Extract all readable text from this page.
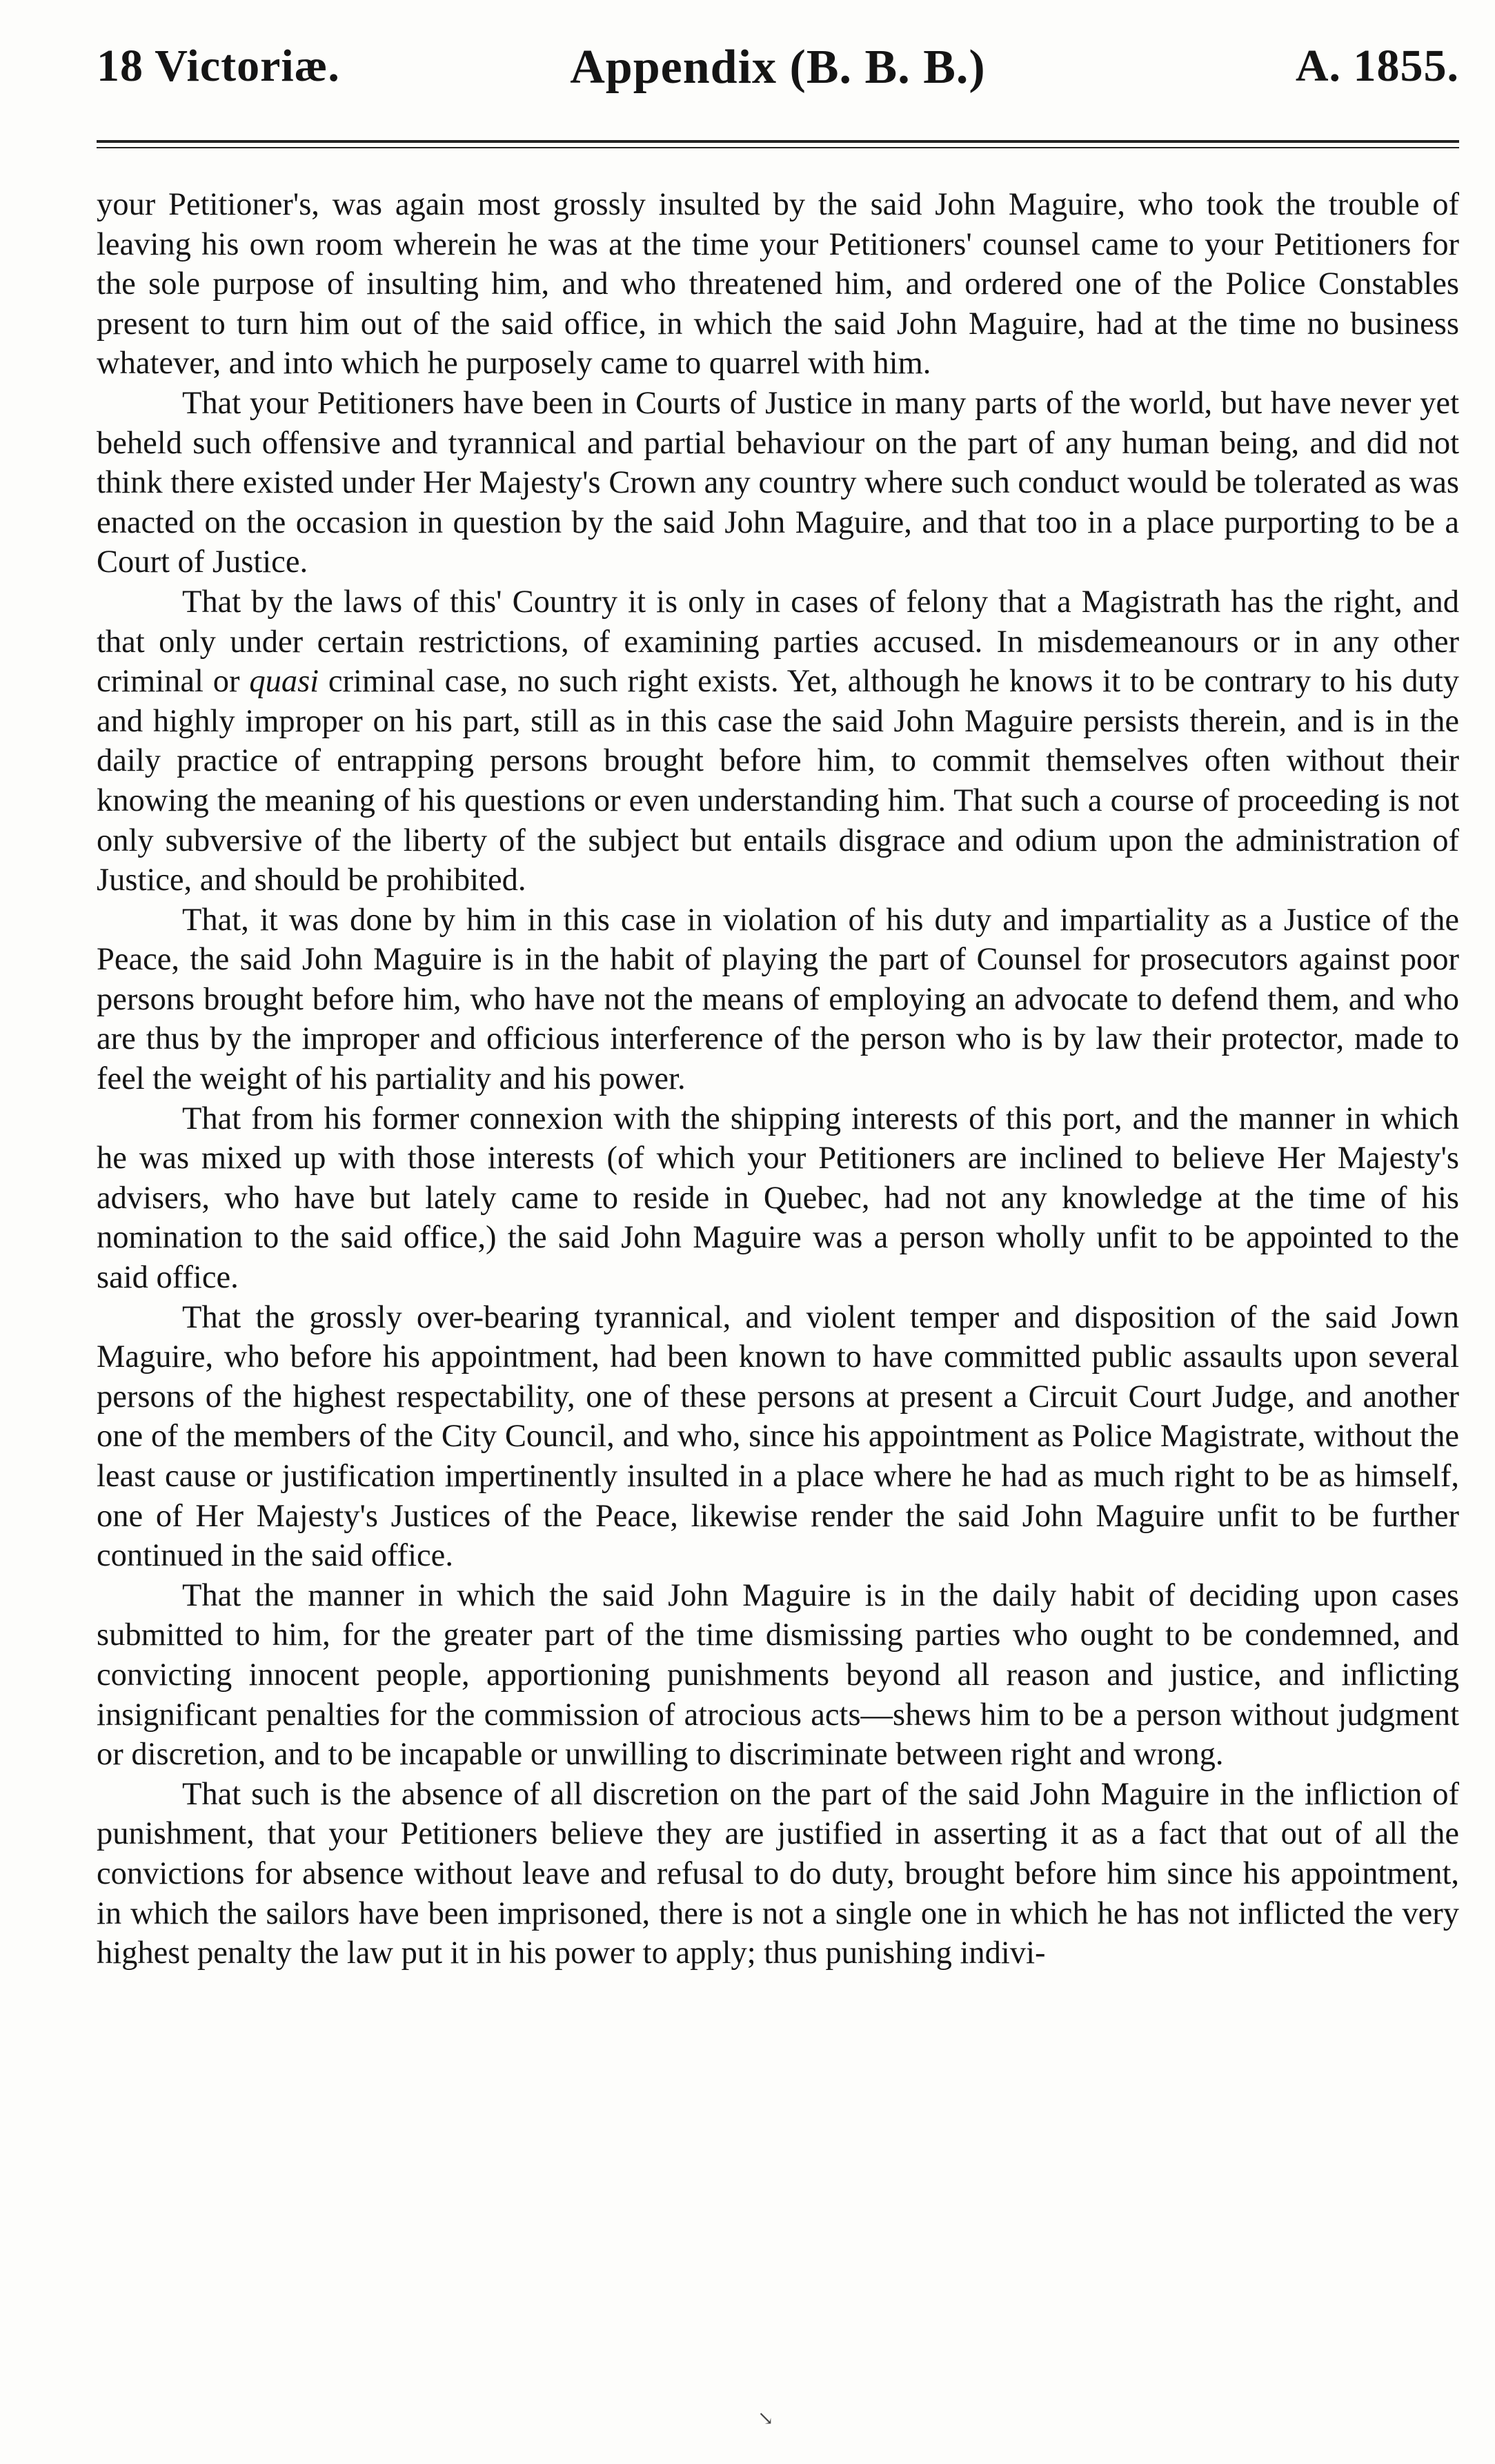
18 Victoriæ.	Appendix (B. B. B.)	A. 1855.

your Petitioner's, was again most grossly insulted by the said John Maguire, who took the trouble of leaving his own room wherein he was at the time your Petitioners' counsel came to your Petitioners for the sole purpose of insulting him, and who threatened him, and ordered one of the Police Constables present to turn him out of the said office, in which the said John Maguire, had at the time no business whatever, and into which he purposely came to quarrel with him.

That your Petitioners have been in Courts of Justice in many parts of the world, but have never yet beheld such offensive and tyrannical and partial behaviour on the part of any human being, and did not think there existed under Her Majesty's Crown any country where such conduct would be tolerated as was enacted on the occasion in question by the said John Maguire, and that too in a place purporting to be a Court of Justice.

That by the laws of this' Country it is only in cases of felony that a Magistrath has the right, and that only under certain restrictions, of examining parties accused. In misdemeanours or in any other criminal or quasi criminal case, no such right exists. Yet, although he knows it to be contrary to his duty and highly improper on his part, still as in this case the said John Maguire persists therein, and is in the daily practice of entrapping persons brought before him, to commit themselves often without their knowing the meaning of his questions or even understanding him. That such a course of proceeding is not only subversive of the liberty of the subject but entails disgrace and odium upon the administration of Justice, and should be prohibited.

That, it was done by him in this case in violation of his duty and impartiality as a Justice of the Peace, the said John Maguire is in the habit of playing the part of Counsel for prosecutors against poor persons brought before him, who have not the means of employing an advocate to defend them, and who are thus by the improper and officious interference of the person who is by law their protector, made to feel the weight of his partiality and his power.

That from his former connexion with the shipping interests of this port, and the manner in which he was mixed up with those interests (of which your Petitioners are inclined to believe Her Majesty's advisers, who have but lately came to reside in Quebec, had not any knowledge at the time of his nomination to the said office,) the said John Maguire was a person wholly unfit to be appointed to the said office.

That the grossly over-bearing tyrannical, and violent temper and disposition of the said Jown Maguire, who before his appointment, had been known to have committed public assaults upon several persons of the highest respectability, one of these persons at present a Circuit Court Judge, and another one of the members of the City Council, and who, since his appointment as Police Magistrate, without the least cause or justification impertinently insulted in a place where he had as much right to be as himself, one of Her Majesty's Justices of the Peace, likewise render the said John Maguire unfit to be further continued in the said office.

That the manner in which the said John Maguire is in the daily habit of deciding upon cases submitted to him, for the greater part of the time dismissing parties who ought to be condemned, and convicting innocent people, apportioning punishments beyond all reason and justice, and inflicting insignificant penalties for the commission of atrocious acts—shews him to be a person without judgment or discretion, and to be incapable or unwilling to discriminate between right and wrong.

That such is the absence of all discretion on the part of the said John Maguire in the infliction of punishment, that your Petitioners believe they are justified in asserting it as a fact that out of all the convictions for absence without leave and refusal to do duty, brought before him since his appointment, in which the sailors have been imprisoned, there is not a single one in which he has not inflicted the very highest penalty the law put it in his power to apply; thus punishing indivi-

↘
